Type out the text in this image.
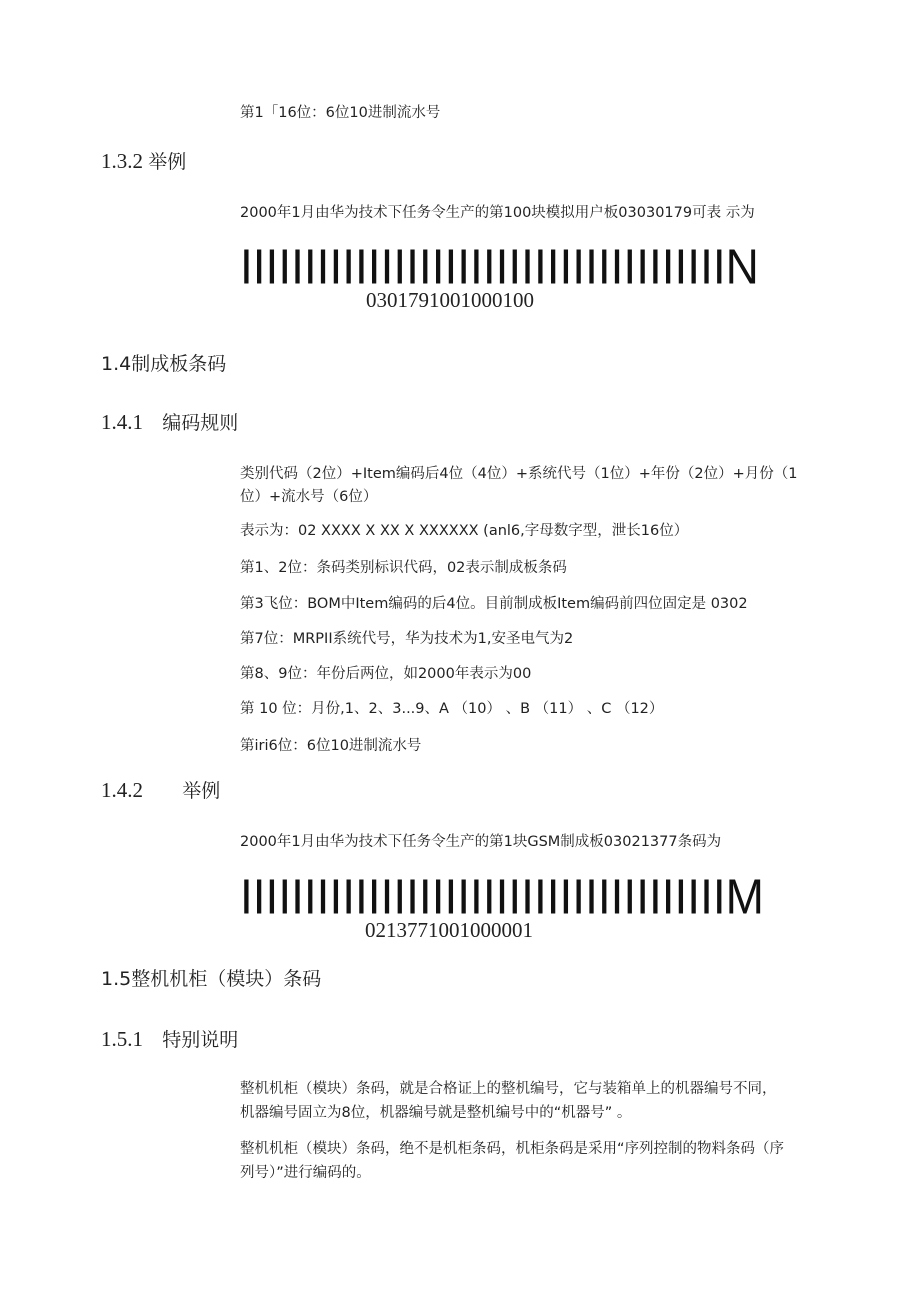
第1「16位：6位10进制流水号
1.3.2 举例
2000年1月由华为技术下任务令生产的第100块模拟用户板03030179可表 示为
IIIIIIIIIIIIIIIIIIIIIIIIIIIIIIIIIIIIIIN
0301791001000100
1.4制成板条码
1.4.1 编码规则
类别代码（2位）+Item编码后4位（4位）+系统代号（1位）+年份（2位）+月份（1
位）+流水号（6位）
表示为：02 XXXX X XX X XXXXXX (anl6,字母数字型，泄长16位）
第1、2位：条码类别标识代码，02表示制成板条码
第3飞位：BOM中Item编码的后4位。目前制成板Item编码前四位固定是 0302
第7位：MRPII系统代号，华为技术为1,安圣电气为2
第8、9位：年份后两位，如2000年表示为00
第 10 位：月份,1、2、3...9、A （10） 、B （11） 、C （12）
第iri6位：6位10进制流水号
1.4.2 举例
2000年1月由华为技术下任务令生产的第1块GSM制成板03021377条码为
IIIIIIIIIIIIIIIIIIIIIIIIIIIIIIIIIIIIIIM
0213771001000001
1.5整机机柜（模块）条码
1.5.1 特别说明
整机机柜（模块）条码，就是合格证上的整机编号，它与装箱单上的机器编号不同，机器编号固立为8位，机器编号就是整机编号中的“机器号” 。
整机机柜（模块）条码，绝不是机柜条码，机柜条码是采用“序列控制的物料条码（序列号）”进行编码的。
